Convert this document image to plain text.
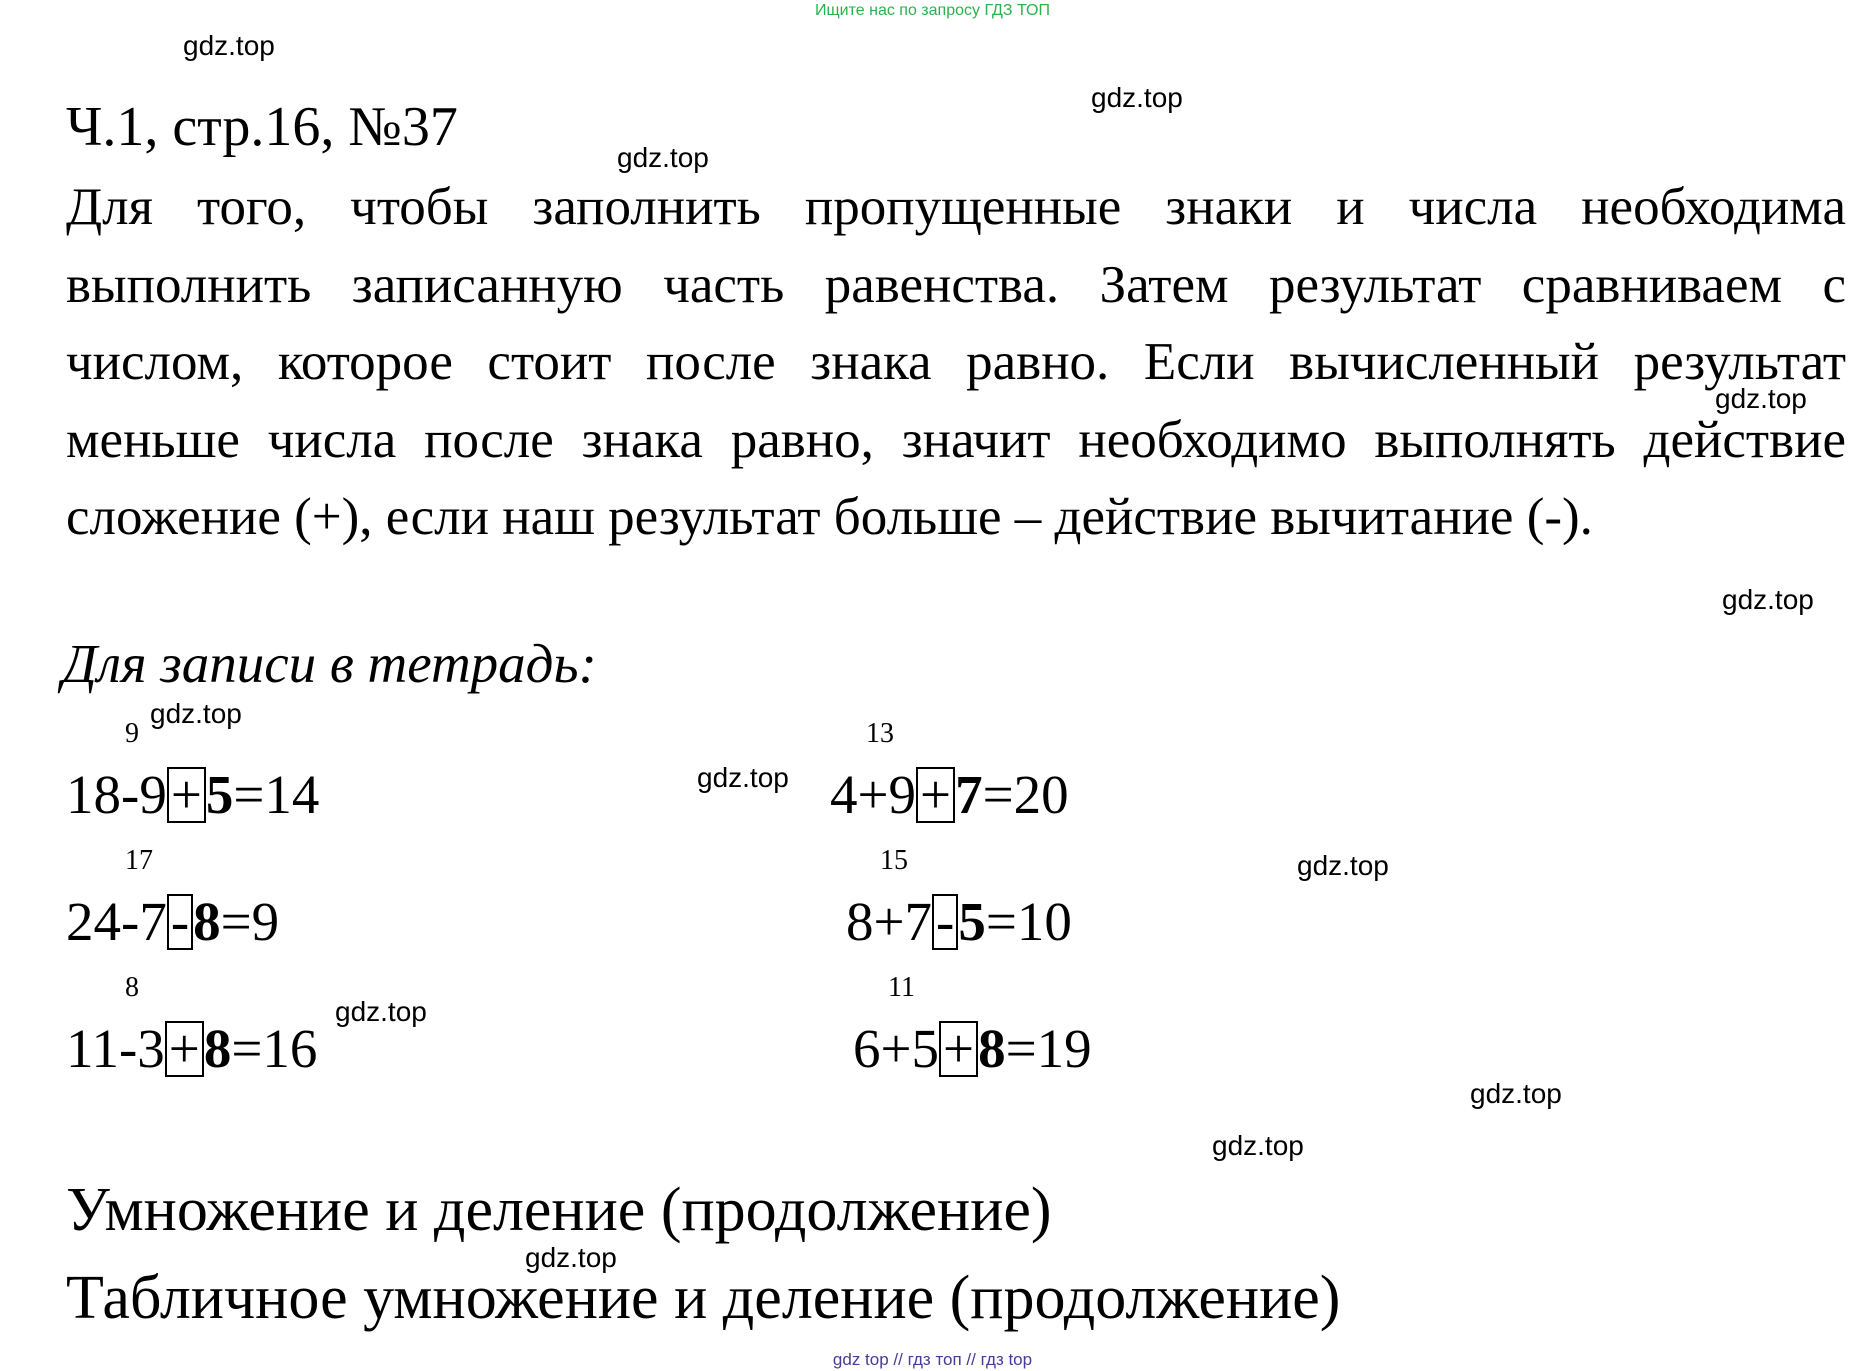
Ищите нас по запросу ГДЗ ТОП
gdz.top
gdz.top
gdz.top
gdz.top
gdz.top
gdz.top
gdz.top
gdz.top
gdz.top
gdz.top
gdz.top
gdz.top
Ч.1, стр.16, №37
Для того, чтобы заполнить пропущенные знаки и числа необходима выполнить записанную часть равенства. Затем результат сравниваем с числом, которое стоит после знака равно. Если вычисленный результат меньше числа после знака равно, значит необходимо выполнять действие сложение (+), если наш результат больше – действие вычитание (-).
Для записи в тетрадь:
9
18-9+5=14
13
4+9+7=20
17
24-7-8=9
15
8+7-5=10
8
11-3+8=16
11
6+5+8=19
Умножение и деление (продолжение)
Табличное умножение и деление (продолжение)
gdz top // гдз топ // гдз top
